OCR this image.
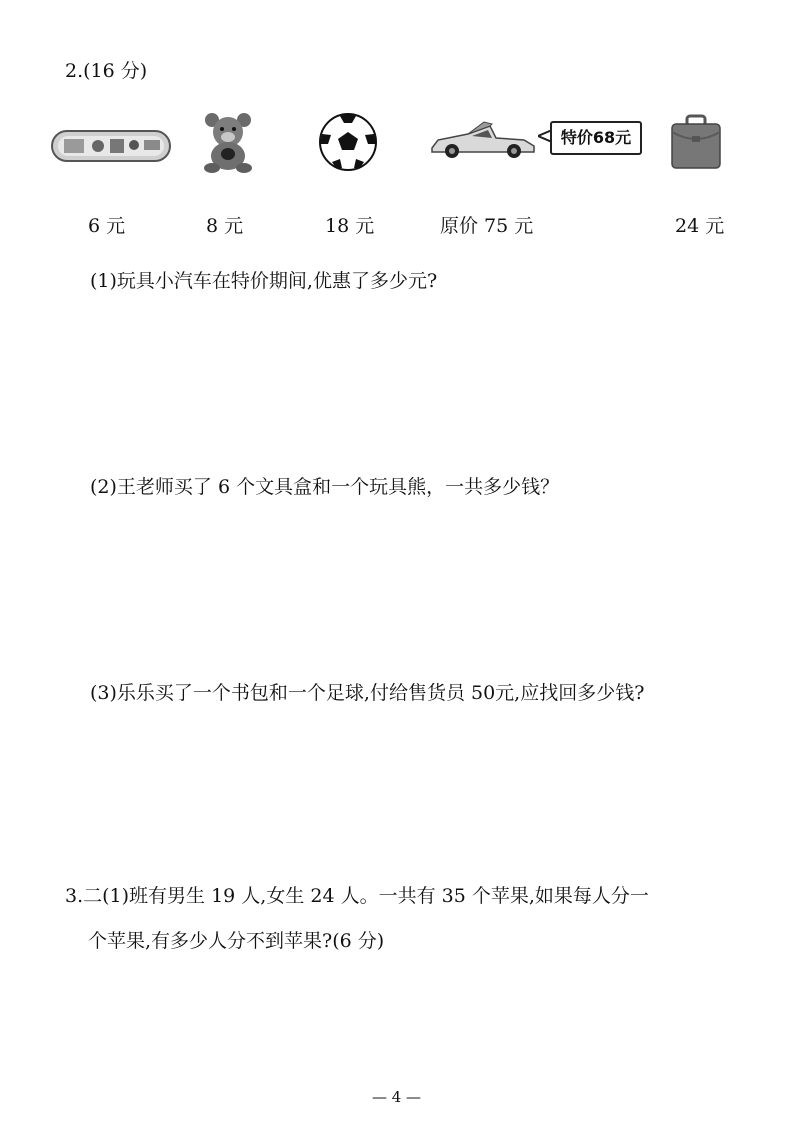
2.(16 分)
特价68元
6 元	8 元	18 元	原价 75 元	24 元
(1)玩具小汽车在特价期间,优惠了多少元?
(2)王老师买了 6 个文具盒和一个玩具熊，一共多少钱？
(3)乐乐买了一个书包和一个足球,付给售货员 50元,应找回多少钱?
3.二(1)班有男生 19 人,女生 24 人。一共有 35 个苹果,如果每人分一
个苹果,有多少人分不到苹果?(6 分)
— 4 —
